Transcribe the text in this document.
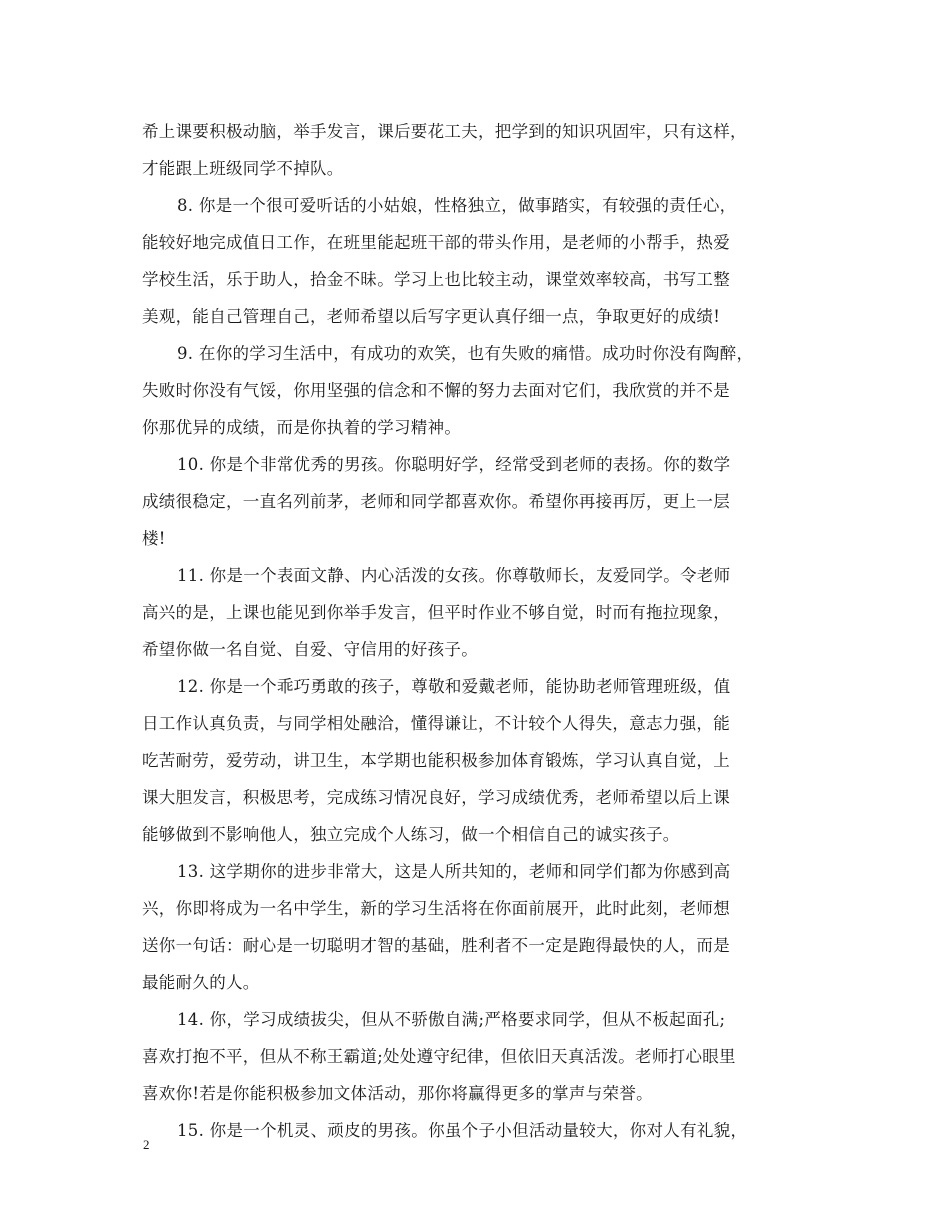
希上课要积极动脑，举手发言，课后要花工夫，把学到的知识巩固牢，只有这样，
才能跟上班级同学不掉队。
8. 你是一个很可爱听话的小姑娘，性格独立，做事踏实，有较强的责任心，
能较好地完成值日工作，在班里能起班干部的带头作用，是老师的小帮手，热爱
学校生活，乐于助人，拾金不昧。学习上也比较主动，课堂效率较高，书写工整
美观，能自己管理自己，老师希望以后写字更认真仔细一点，争取更好的成绩!
9. 在你的学习生活中，有成功的欢笑，也有失败的痛惜。成功时你没有陶醉，
失败时你没有气馁，你用坚强的信念和不懈的努力去面对它们，我欣赏的并不是
你那优异的成绩，而是你执着的学习精神。
10. 你是个非常优秀的男孩。你聪明好学，经常受到老师的表扬。你的数学
成绩很稳定，一直名列前茅，老师和同学都喜欢你。希望你再接再厉，更上一层
楼!
11. 你是一个表面文静、内心活泼的女孩。你尊敬师长，友爱同学。令老师
高兴的是，上课也能见到你举手发言，但平时作业不够自觉，时而有拖拉现象，
希望你做一名自觉、自爱、守信用的好孩子。
12. 你是一个乖巧勇敢的孩子，尊敬和爱戴老师，能协助老师管理班级，值
日工作认真负责，与同学相处融洽，懂得谦让，不计较个人得失，意志力强，能
吃苦耐劳，爱劳动，讲卫生，本学期也能积极参加体育锻炼，学习认真自觉，上
课大胆发言，积极思考，完成练习情况良好，学习成绩优秀，老师希望以后上课
能够做到不影响他人，独立完成个人练习，做一个相信自己的诚实孩子。
13. 这学期你的进步非常大，这是人所共知的，老师和同学们都为你感到高
兴，你即将成为一名中学生，新的学习生活将在你面前展开，此时此刻，老师想
送你一句话：耐心是一切聪明才智的基础，胜利者不一定是跑得最快的人，而是
最能耐久的人。
14. 你，学习成绩拔尖，但从不骄傲自满;严格要求同学，但从不板起面孔;
喜欢打抱不平，但从不称王霸道;处处遵守纪律，但依旧天真活泼。老师打心眼里
喜欢你!若是你能积极参加文体活动，那你将赢得更多的掌声与荣誉。
15. 你是一个机灵、顽皮的男孩。你虽个子小但活动量较大，你对人有礼貌，
2
